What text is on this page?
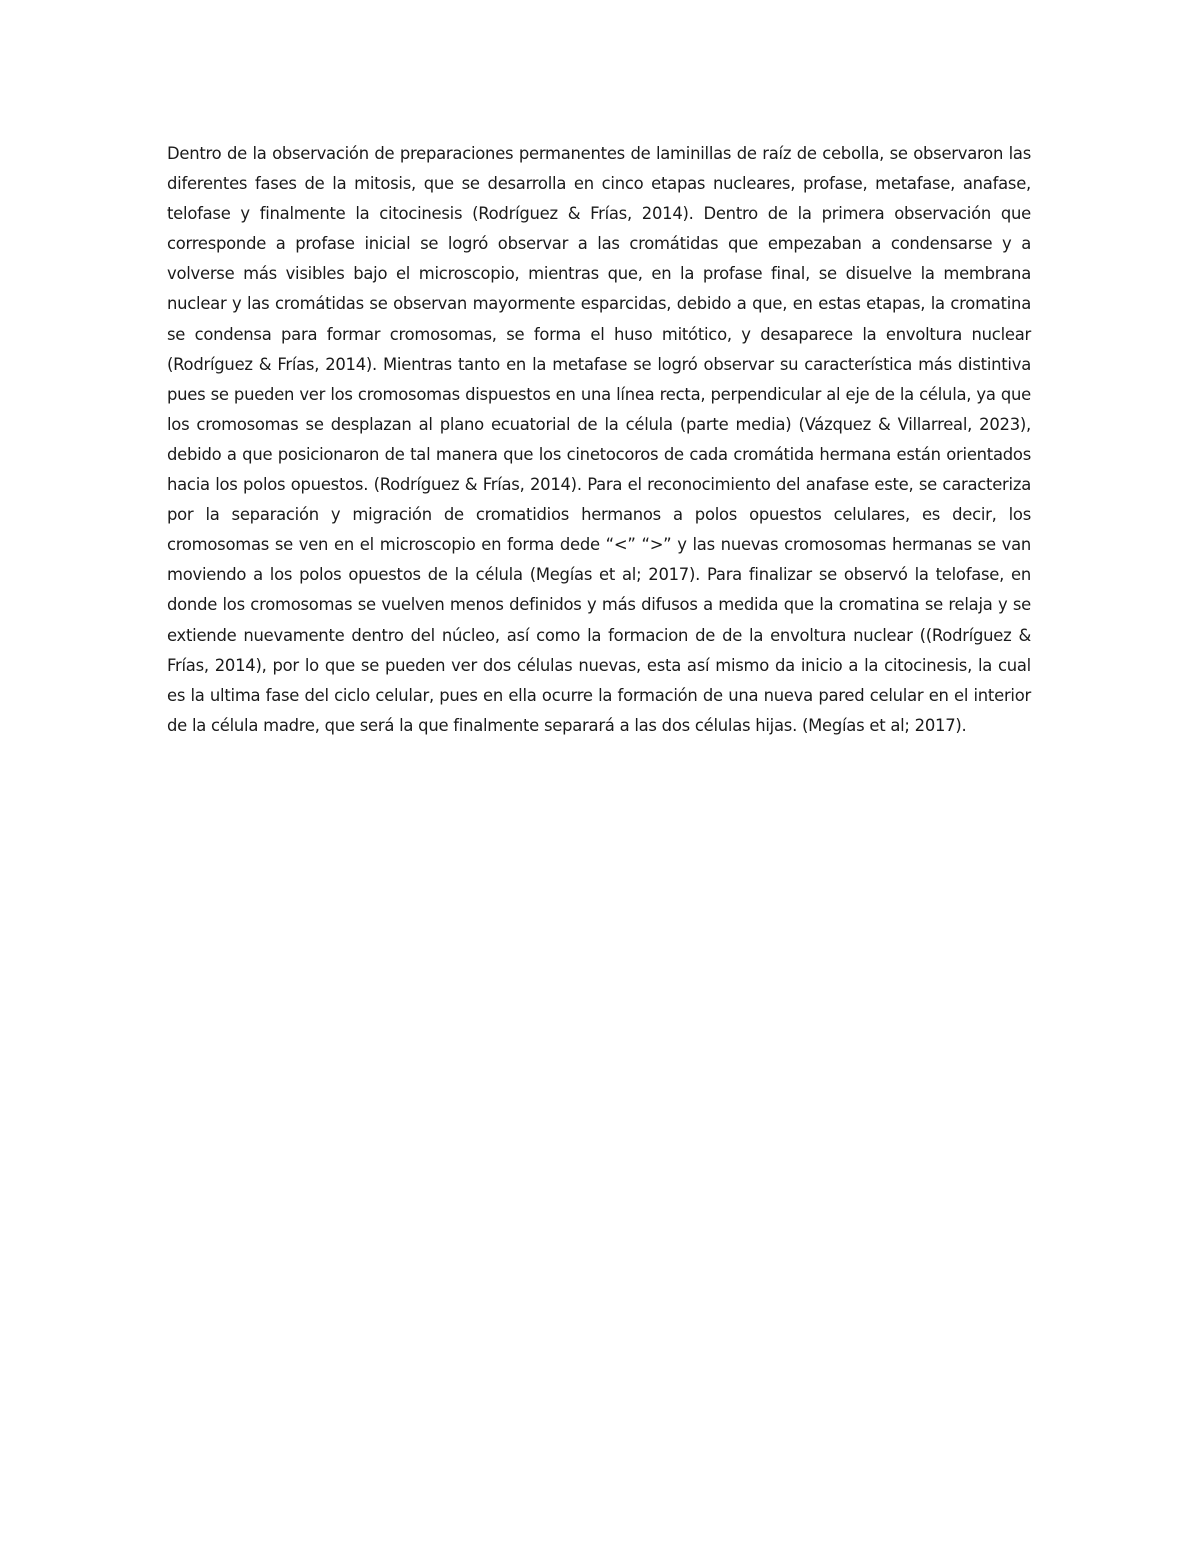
Dentro de la observación de preparaciones permanentes de laminillas de raíz de cebolla, se observaron las diferentes fases de la mitosis, que se desarrolla en cinco etapas nucleares, profase, metafase, anafase, telofase y finalmente la citocinesis (Rodríguez & Frías, 2014). Dentro de la primera observación que corresponde a profase inicial se logró observar a las cromátidas que empezaban a condensarse y a volverse más visibles bajo el microscopio, mientras que, en la profase final, se disuelve la membrana nuclear y las cromátidas se observan mayormente esparcidas, debido a que, en estas etapas, la cromatina se condensa para formar cromosomas, se forma el huso mitótico, y desaparece la envoltura nuclear (Rodríguez & Frías, 2014). Mientras tanto en la metafase se logró observar su característica más distintiva pues se pueden ver los cromosomas dispuestos en una línea recta, perpendicular al eje de la célula, ya que los cromosomas se desplazan al plano ecuatorial de la célula (parte media) (Vázquez & Villarreal, 2023), debido a que posicionaron de tal manera que los cinetocoros de cada cromátida hermana están orientados hacia los polos opuestos. (Rodríguez & Frías, 2014). Para el reconocimiento del anafase este, se caracteriza por la separación y migración de cromatidios hermanos a polos opuestos celulares, es decir, los cromosomas se ven en el microscopio en forma dede “<” “>” y las nuevas cromosomas hermanas se van moviendo a los polos opuestos de la célula (Megías et al; 2017). Para finalizar se observó la telofase, en donde los cromosomas se vuelven menos definidos y más difusos a medida que la cromatina se relaja y se extiende nuevamente dentro del núcleo, así como la formacion de de la envoltura nuclear ((Rodríguez & Frías, 2014), por lo que se pueden ver dos células nuevas, esta así mismo da inicio a la citocinesis, la cual es la ultima fase del ciclo celular, pues en ella ocurre la formación de una nueva pared celular en el interior de la célula madre, que será la que finalmente separará a las dos células hijas. (Megías et al; 2017).
